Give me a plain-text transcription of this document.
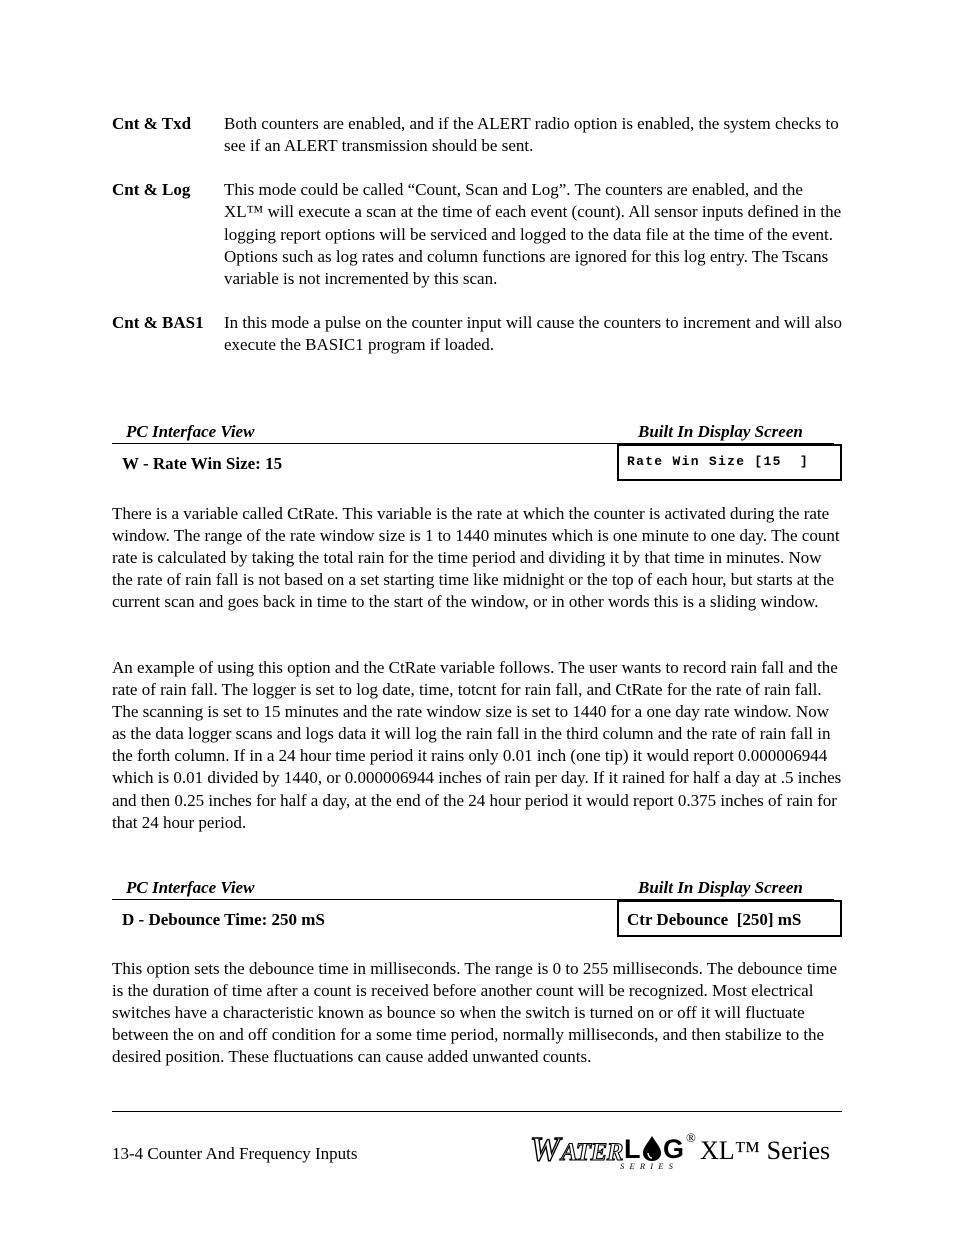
Cnt & Txd Both counters are enabled, and if the ALERT radio option is enabled, the system checks to see if an ALERT transmission should be sent.
Cnt & Log This mode could be called “Count, Scan and Log”. The counters are enabled, and the XL™ will execute a scan at the time of each event (count). All sensor inputs defined in the logging report options will be serviced and logged to the data file at the time of the event. Options such as log rates and column functions are ignored for this log entry. The Tscans variable is not incremented by this scan.
Cnt & BAS1 In this mode a pulse on the counter input will cause the counters to increment and will also execute the BASIC1 program if loaded.
PC Interface View	Built In Display Screen
W - Rate Win Size: 15	Rate Win Size [15  ]
There is a variable called CtRate. This variable is the rate at which the counter is activated during the rate window. The range of the rate window size is 1 to 1440 minutes which is one minute to one day. The count rate is calculated by taking the total rain for the time period and dividing it by that time in minutes. Now the rate of rain fall is not based on a set starting time like midnight or the top of each hour, but starts at the current scan and goes back in time to the start of the window, or in other words this is a sliding window.
An example of using this option and the CtRate variable follows. The user wants to record rain fall and the rate of rain fall. The logger is set to log date, time, totcnt for rain fall, and CtRate for the rate of rain fall. The scanning is set to 15 minutes and the rate window size is set to 1440 for a one day rate window. Now as the data logger scans and logs data it will log the rain fall in the third column and the rate of rain fall in the forth column. If in a 24 hour time period it rains only 0.01 inch (one tip) it would report 0.000006944 which is 0.01 divided by 1440, or 0.000006944 inches of rain per day. If it rained for half a day at .5 inches and then 0.25 inches for half a day, at the end of the 24 hour period it would report 0.375 inches of rain for that 24 hour period.
PC Interface View	Built In Display Screen
D - Debounce Time: 250 mS	Ctr Debounce  [250] mS
This option sets the debounce time in milliseconds. The range is 0 to 255 milliseconds. The debounce time is the duration of time after a count is received before another count will be recognized. Most electrical switches have a characteristic known as bounce so when the switch is turned on or off it will fluctuate between the on and off condition for a some time period, normally milliseconds, and then stabilize to the desired position. These fluctuations can cause added unwanted counts.
13-4 Counter And Frequency Inputs	W ATER L G ®
SERIES
XL™ Series
